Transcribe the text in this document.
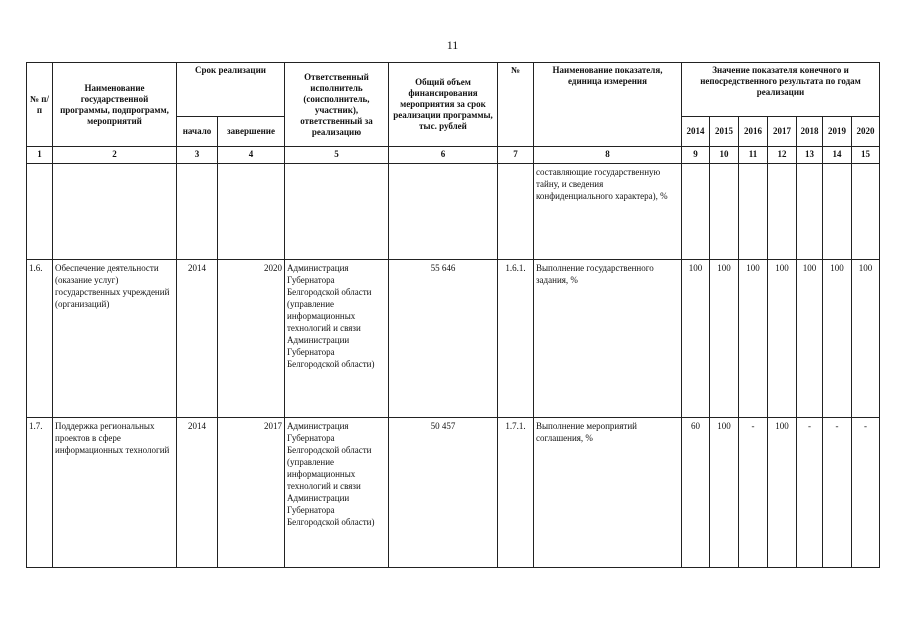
11
№ п/п	Наименование государственной программы, подпрограмм, мероприятий	Срок реализации		Ответственный исполнитель (соисполнитель, участник), ответственный за реализацию	Общий объем финансирования мероприятия за срок реализации программы, тыс. рублей	№	Наименование показателя, единица измерения	Значение показателя конечного и непосредственного результата по годам реализации						
		начало	завершение					2014	2015	2016	2017	2018	2019	2020
1	2	3	4	5	6	7	8	9	10	11	12	13	14	15
							составляющие государственную тайну, и сведения конфиденциального характера), %							
1.6.	Обеспечение деятельности (оказание услуг) государственных учреждений (организаций)	2014	2020	Администрация Губернатора Белгородской области (управление информационных технологий и связи Администрации Губернатора Белгородской области)	55 646	1.6.1.	Выполнение государственного задания, %	100	100	100	100	100	100	100
1.7.	Поддержка региональных проектов в сфере информационных технологий	2014	2017	Администрация Губернатора Белгородской области (управление информационных технологий и связи Администрации Губернатора Белгородской области)	50 457	1.7.1.	Выполнение мероприятий соглашения, %	60	100	-	100	-	-	-
